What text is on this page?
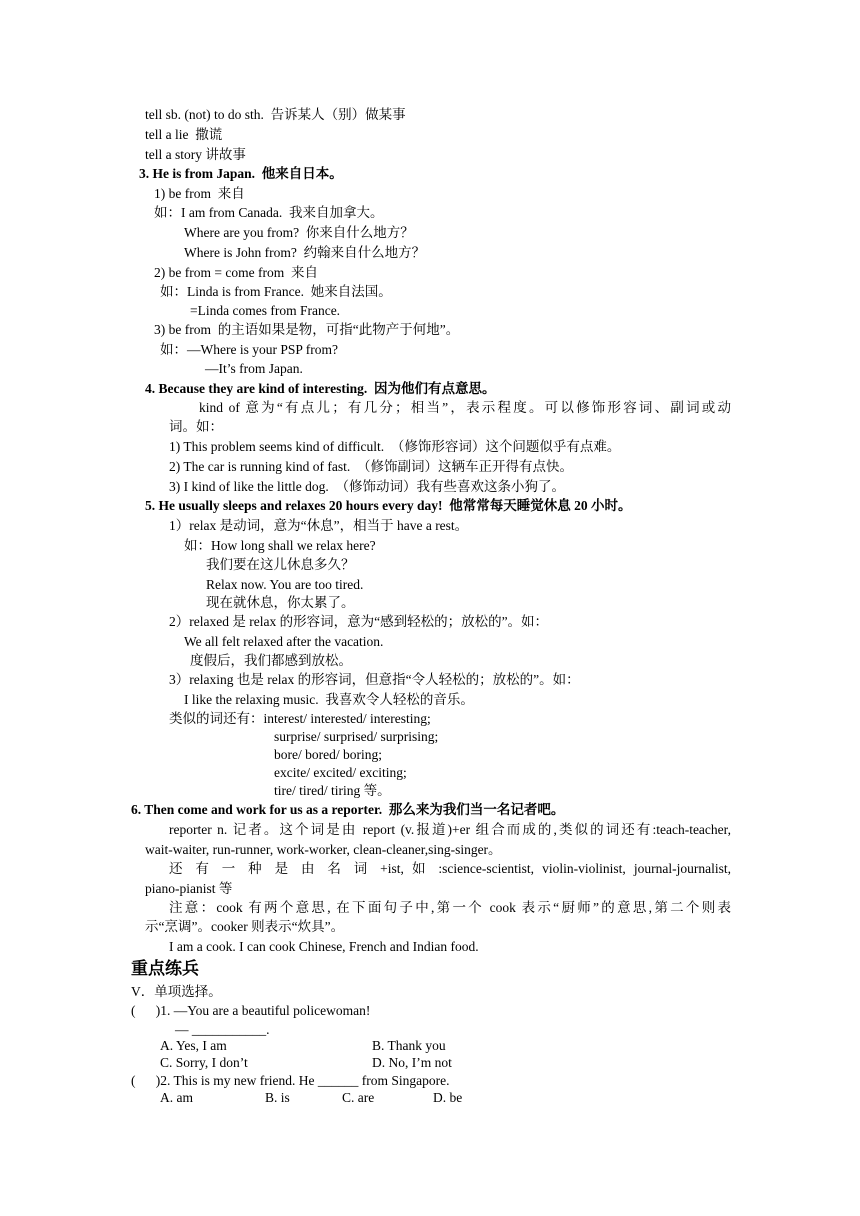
tell sb. (not) to do sth.  告诉某人（别）做某事
tell a lie  撒谎
tell a story 讲故事
3. He is from Japan.  他来自日本。
1) be from  来自
如：I am from Canada.  我来自加拿大。
Where are you from?  你来自什么地方？
Where is John from?  约翰来自什么地方？
2) be from = come from  来自
如：Linda is from France.  她来自法国。
=Linda comes from France.
3) be from  的主语如果是物，可指“此物产于何地”。
如：—Where is your PSP from?
—It’s from Japan.
4. Because they are kind of interesting.  因为他们有点意思。
kind of 意为“有点儿；有几分；相当”，表示程度。可以修饰形容词、副词或动
词。如：
1) This problem seems kind of difficult.  （修饰形容词）这个问题似乎有点难。
2) The car is running kind of fast.  （修饰副词）这辆车正开得有点快。
3) I kind of like the little dog.  （修饰动词）我有些喜欢这条小狗了。
5. He usually sleeps and relaxes 20 hours every day!  他常常每天睡觉休息 20 小时。
1）relax 是动词，意为“休息”，相当于 have a rest。
如：How long shall we relax here?
我们要在这儿休息多久？
Relax now. You are too tired.
现在就休息，你太累了。
2）relaxed 是 relax 的形容词，意为“感到轻松的；放松的”。如：
We all felt relaxed after the vacation.
度假后，我们都感到放松。
3）relaxing 也是 relax 的形容词，但意指“令人轻松的；放松的”。如：
I like the relaxing music.  我喜欢令人轻松的音乐。
类似的词还有：interest/ interested/ interesting;
surprise/ surprised/ surprising;
bore/ bored/ boring;
excite/ excited/ exciting;
tire/ tired/ tiring 等。
6. Then come and work for us as a reporter.  那么来为我们当一名记者吧。
reporter n. 记者。这个词是由 report (v.报道)+er 组合而成的,类似的词还有:teach-teacher,
wait-waiter, run-runner, work-worker, clean-cleaner,sing-singer。
还 有 一 种 是 由 名 词 +ist, 如 :science-scientist, violin-violinist, journal-journalist,
piano-pianist 等
注意：cook 有两个意思, 在下面句子中,第一个 cook 表示“厨师”的意思,第二个则表
示“烹调”。cooker 则表示“炊具”。
I am a cook. I can cook Chinese, French and Indian food.
重点练兵
V．单项选择。
(      )1. —You are a beautiful policewoman!
— ___________.
A. Yes, I am	B. Thank you
C. Sorry, I don’t	D. No, I’m not
(      )2. This is my new friend. He ______ from Singapore.
A. am	B. is	C. are	D. be
